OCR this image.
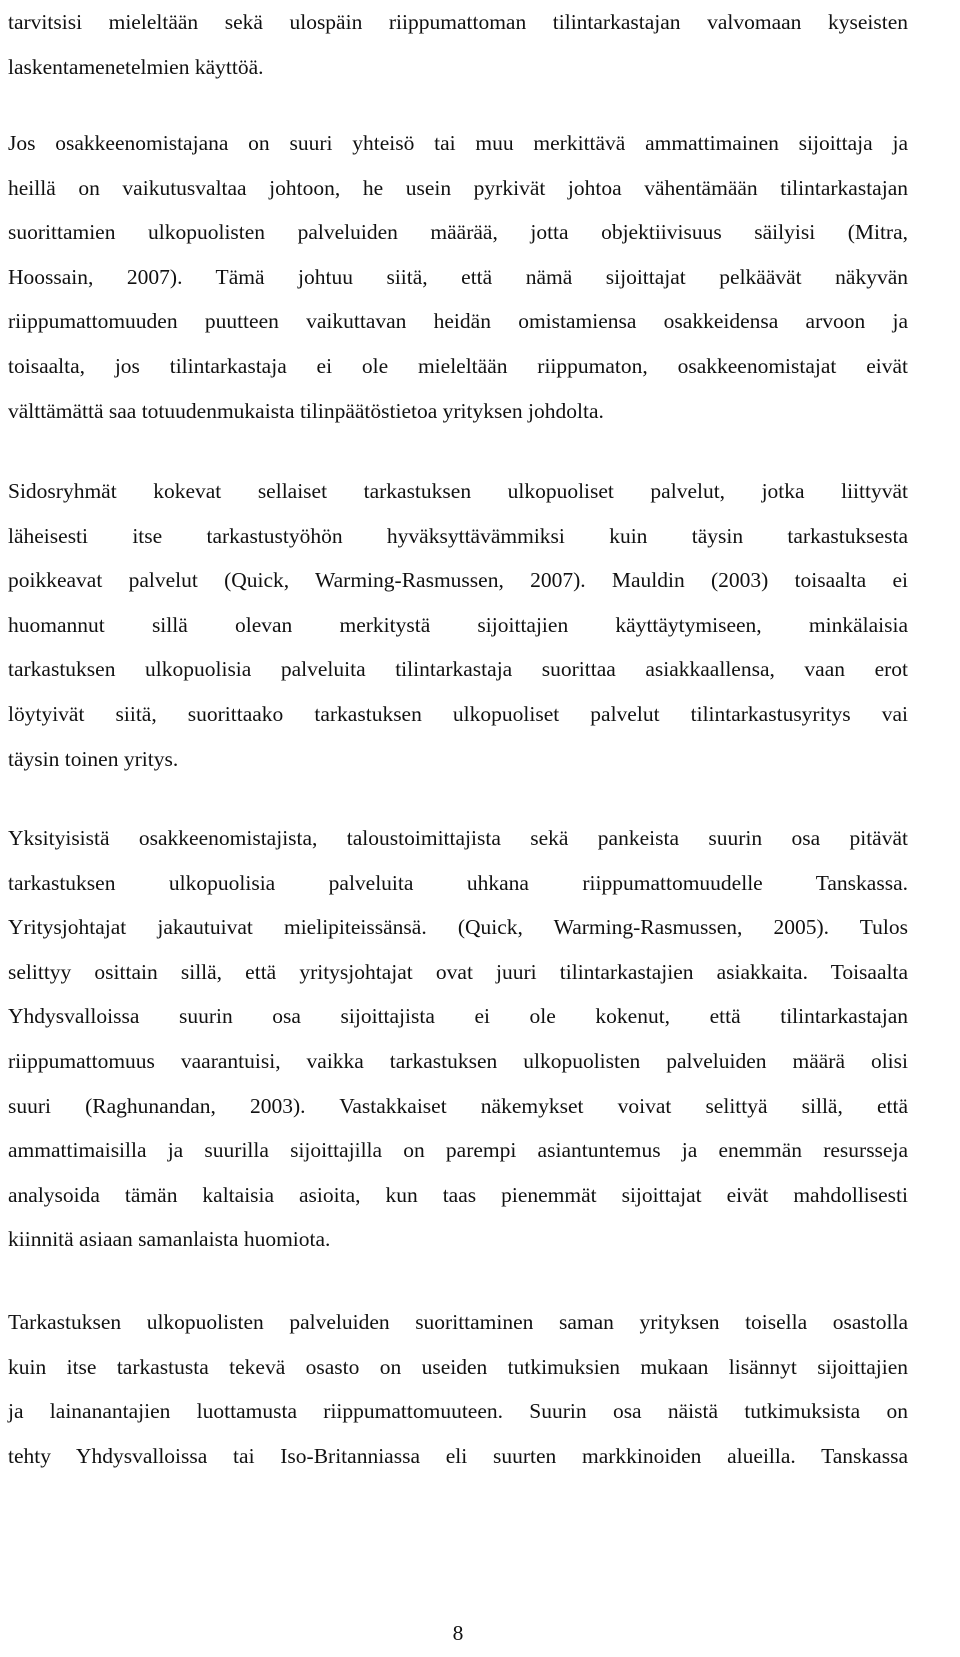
tarvitsisi mieleltään sekä ulospäin riippumattoman tilintarkastajan valvomaan kyseisten
laskentamenetelmien käyttöä.
Jos osakkeenomistajana on suuri yhteisö tai muu merkittävä ammattimainen sijoittaja ja
heillä on vaikutusvaltaa johtoon, he usein pyrkivät johtoa vähentämään tilintarkastajan
suorittamien ulkopuolisten palveluiden määrää, jotta objektiivisuus säilyisi (Mitra,
Hoossain, 2007). Tämä johtuu siitä, että nämä sijoittajat pelkäävät näkyvän
riippumattomuuden puutteen vaikuttavan heidän omistamiensa osakkeidensa arvoon ja
toisaalta, jos tilintarkastaja ei ole mieleltään riippumaton, osakkeenomistajat eivät
välttämättä saa totuudenmukaista tilinpäätöstietoa yrityksen johdolta.
Sidosryhmät kokevat sellaiset tarkastuksen ulkopuoliset palvelut, jotka liittyvät
läheisesti itse tarkastustyöhön hyväksyttävämmiksi kuin täysin tarkastuksesta
poikkeavat palvelut (Quick, Warming-Rasmussen, 2007). Mauldin (2003) toisaalta ei
huomannut sillä olevan merkitystä sijoittajien käyttäytymiseen, minkälaisia
tarkastuksen ulkopuolisia palveluita tilintarkastaja suorittaa asiakkaallensa, vaan erot
löytyivät siitä, suorittaako tarkastuksen ulkopuoliset palvelut tilintarkastusyritys vai
täysin toinen yritys.
Yksityisistä osakkeenomistajista, taloustoimittajista sekä pankeista suurin osa pitävät
tarkastuksen ulkopuolisia palveluita uhkana riippumattomuudelle Tanskassa.
Yritysjohtajat jakautuivat mielipiteissänsä. (Quick, Warming-Rasmussen, 2005). Tulos
selittyy osittain sillä, että yritysjohtajat ovat juuri tilintarkastajien asiakkaita. Toisaalta
Yhdysvalloissa suurin osa sijoittajista ei ole kokenut, että tilintarkastajan
riippumattomuus vaarantuisi, vaikka tarkastuksen ulkopuolisten palveluiden määrä olisi
suuri (Raghunandan, 2003). Vastakkaiset näkemykset voivat selittyä sillä, että
ammattimaisilla ja suurilla sijoittajilla on parempi asiantuntemus ja enemmän resursseja
analysoida tämän kaltaisia asioita, kun taas pienemmät sijoittajat eivät mahdollisesti
kiinnitä asiaan samanlaista huomiota.
Tarkastuksen ulkopuolisten palveluiden suorittaminen saman yrityksen toisella osastolla
kuin itse tarkastusta tekevä osasto on useiden tutkimuksien mukaan lisännyt sijoittajien
ja lainanantajien luottamusta riippumattomuuteen. Suurin osa näistä tutkimuksista on
tehty Yhdysvalloissa tai Iso-Britanniassa eli suurten markkinoiden alueilla. Tanskassa
8
